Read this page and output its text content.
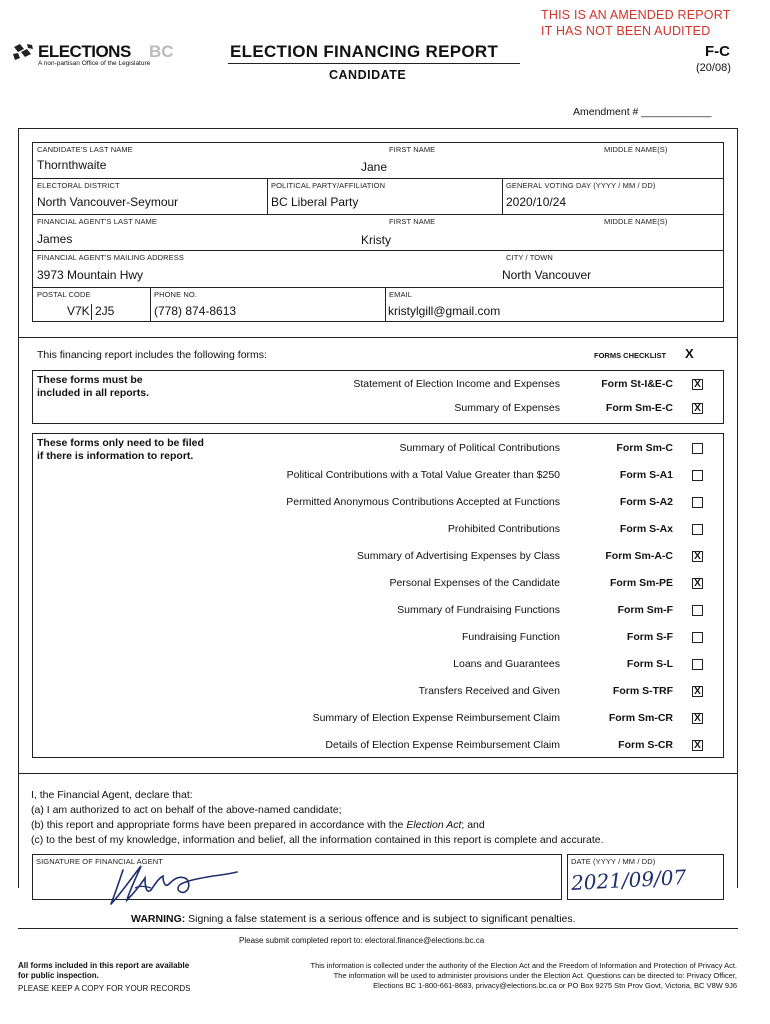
THIS IS AN AMENDED REPORT
IT HAS NOT BEEN AUDITED
ELECTIONS BC
A non-partisan Office of the Legislature
ELECTION FINANCING REPORT
CANDIDATE
F-C
(20/08)
Amendment # ____________
CANDIDATE'S LAST NAME
Thornthwaite
FIRST NAME
Jane
MIDDLE NAME(S)
ELECTORAL DISTRICT
North Vancouver-Seymour
POLITICAL PARTY/AFFILIATION
BC Liberal Party
GENERAL VOTING DAY (YYYY / MM / DD)
2020/10/24
FINANCIAL AGENT'S LAST NAME
James
FIRST NAME
Kristy
MIDDLE NAME(S)
FINANCIAL AGENT'S MAILING ADDRESS
3973 Mountain Hwy
CITY / TOWN
North Vancouver
POSTAL CODE
V7K 2J5
PHONE NO.
(778) 874-8613
EMAIL
kristylgill@gmail.com
This financing report includes the following forms:	FORMS CHECKLIST X
These forms must be
included in all reports.
Statement of Election Income and Expenses	Form St-I&E-C X
Summary of Expenses	Form Sm-E-C X
These forms only need to be filed
if there is information to report.
Summary of Political Contributions	Form Sm-C
Political Contributions with a Total Value Greater than $250	Form S-A1
Permitted Anonymous Contributions Accepted at Functions	Form S-A2
Prohibited Contributions	Form S-Ax
Summary of Advertising Expenses by Class	Form Sm-A-C X
Personal Expenses of the Candidate	Form Sm-PE X
Summary of Fundraising Functions	Form Sm-F
Fundraising Function	Form S-F
Loans and Guarantees	Form S-L
Transfers Received and Given	Form S-TRF X
Summary of Election Expense Reimbursement Claim	Form Sm-CR X
Details of Election Expense Reimbursement Claim	Form S-CR X
I, the Financial Agent, declare that:
(a) I am authorized to act on behalf of the above-named candidate;
(b) this report and appropriate forms have been prepared in accordance with the Election Act; and
(c) to the best of my knowledge, information and belief, all the information contained in this report is complete and accurate.
SIGNATURE OF FINANCIAL AGENT	DATE (YYYY / MM / DD)
2021/09/07
WARNING: Signing a false statement is a serious offence and is subject to significant penalties.
Please submit completed report to: electoral.finance@elections.bc.ca
All forms included in this report are available
for public inspection.
PLEASE KEEP A COPY FOR YOUR RECORDS
This information is collected under the authority of the Election Act and the Freedom of Information and Protection of Privacy Act.
The information will be used to administer provisions under the Election Act. Questions can be directed to: Privacy Officer,
Elections BC 1-800-661-8683, privacy@elections.bc.ca or PO Box 9275 Stn Prov Govt, Victoria, BC V8W 9J6
